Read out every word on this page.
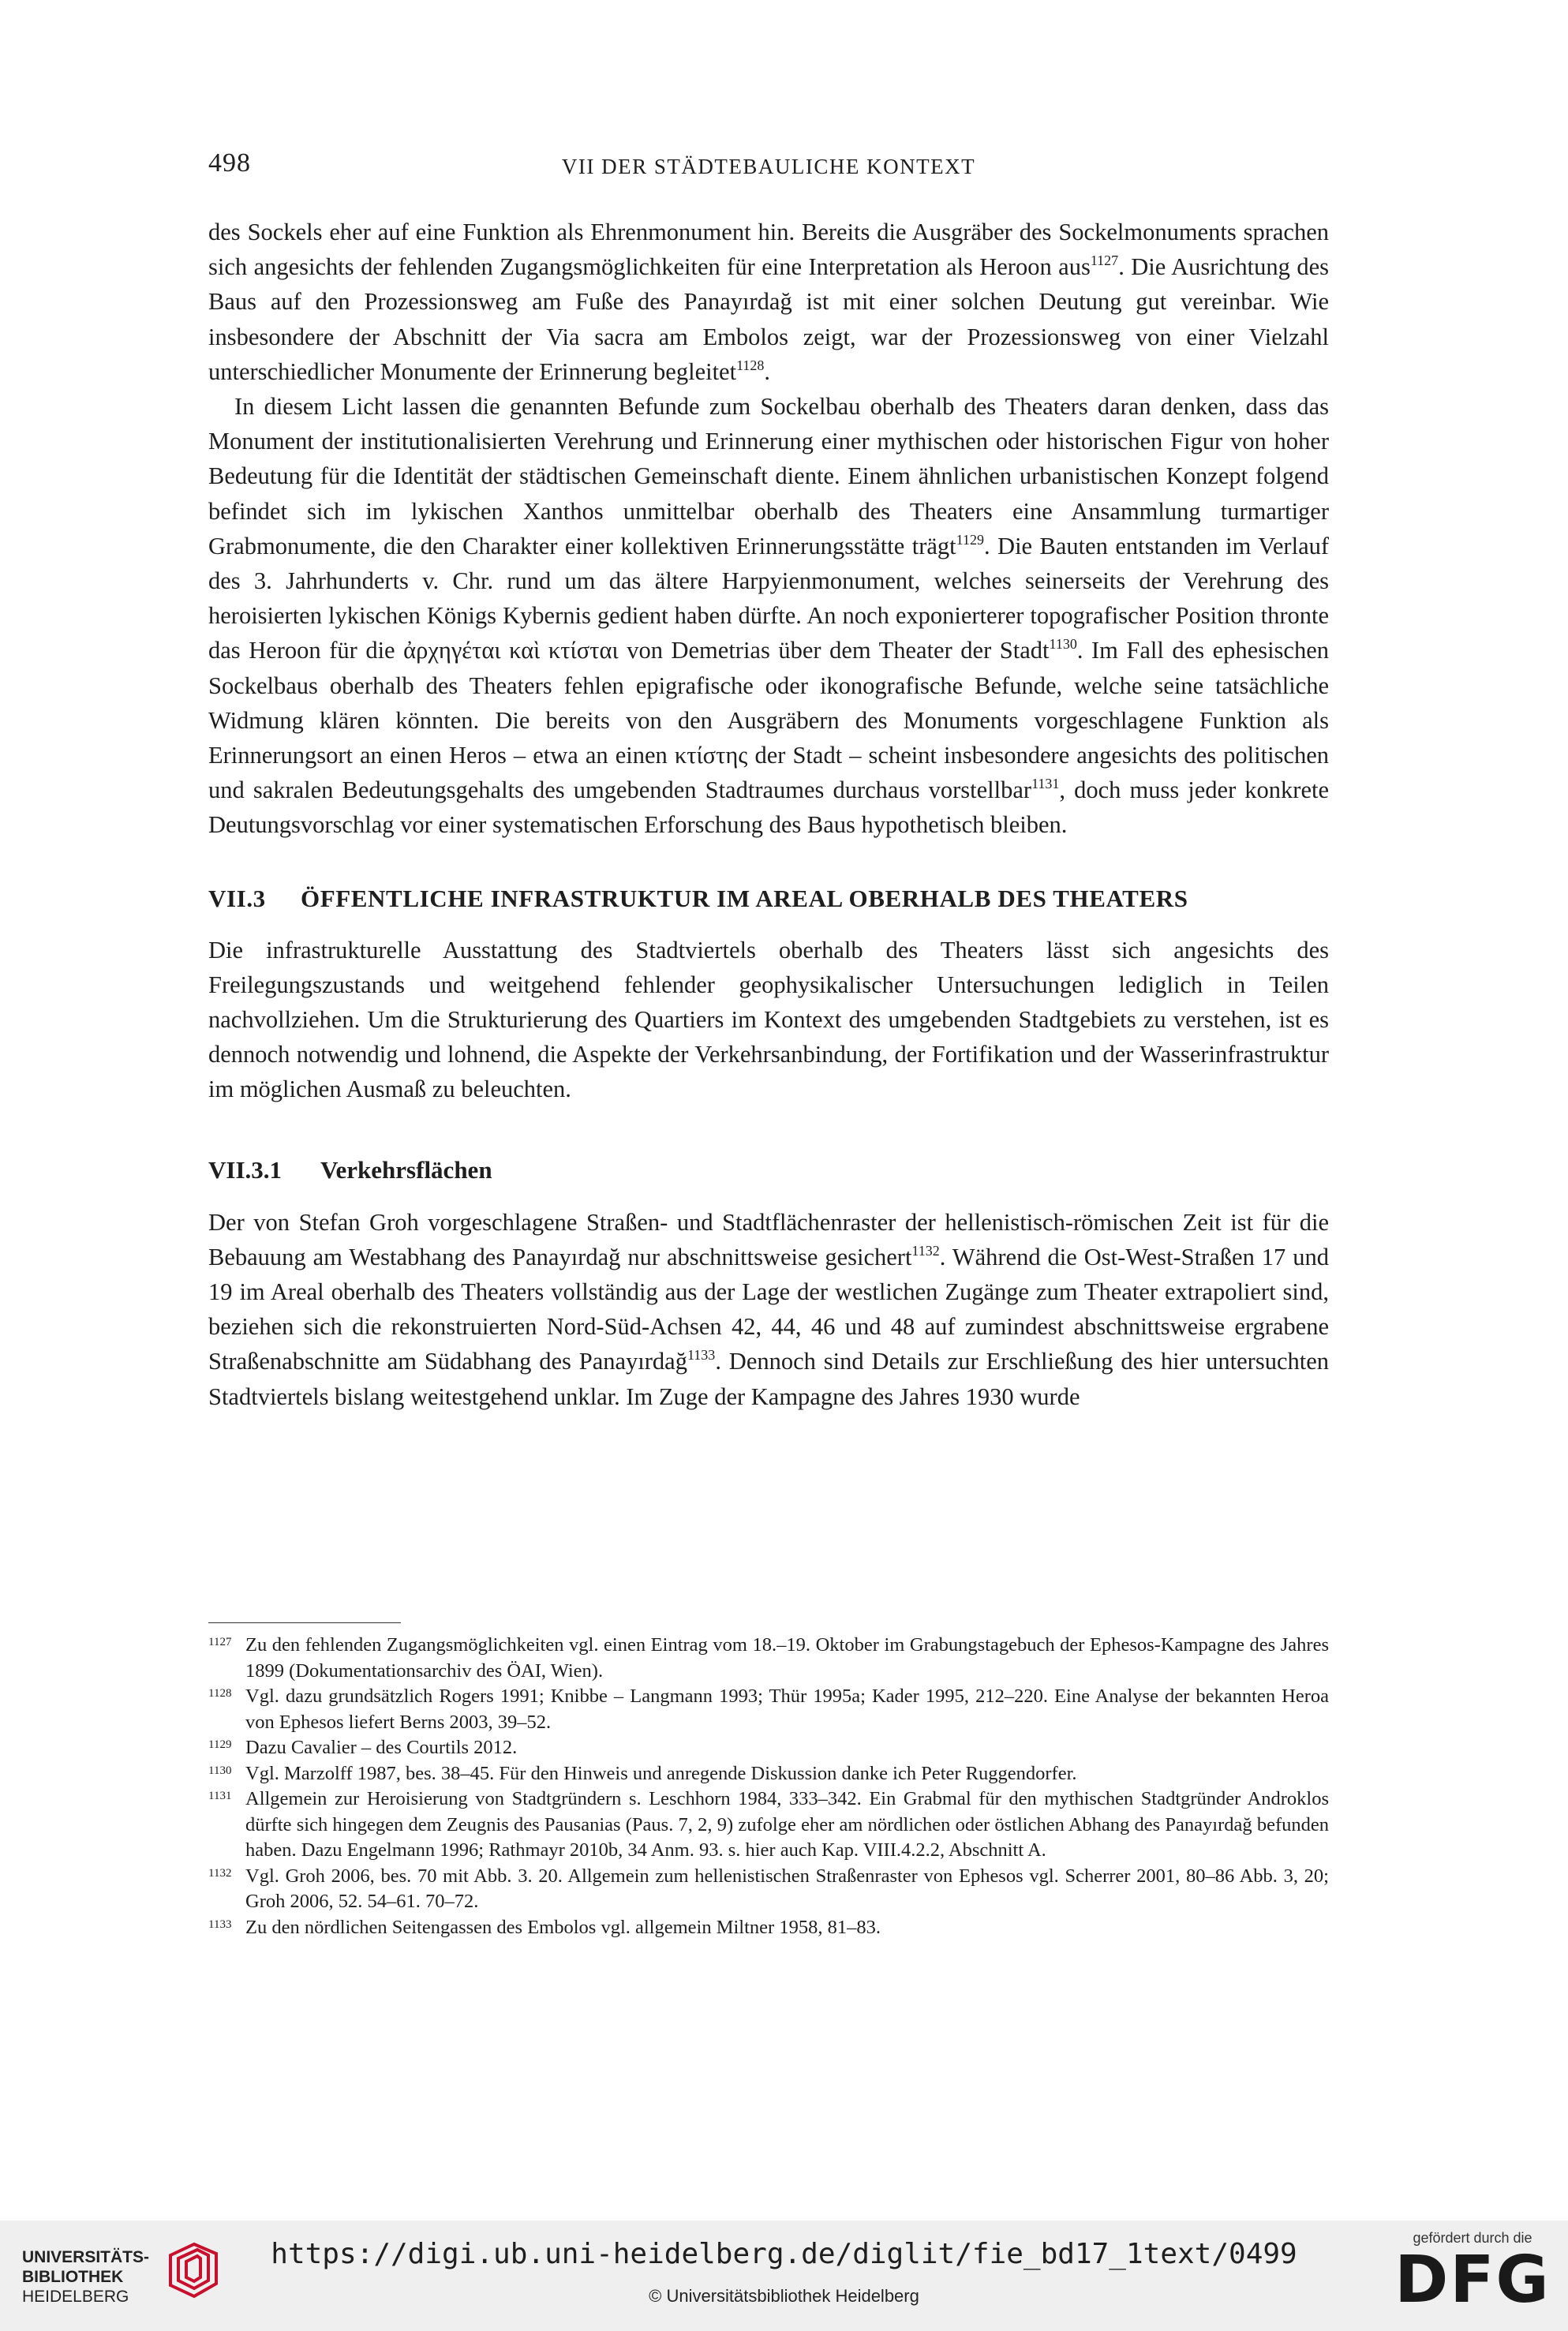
498	VII DER STÄDTEBAULICHE KONTEXT

des Sockels eher auf eine Funktion als Ehrenmonument hin. Bereits die Ausgräber des Sockelmonuments sprachen sich angesichts der fehlenden Zugangsmöglichkeiten für eine Interpretation als Heroon aus$^{1127}$. Die Ausrichtung des Baus auf den Prozessionsweg am Fuße des Panayırdağ ist mit einer solchen Deutung gut vereinbar. Wie insbesondere der Abschnitt der Via sacra am Embolos zeigt, war der Prozessionsweg von einer Vielzahl unterschiedlicher Monumente der Erinnerung begleitet$^{1128}$.

In diesem Licht lassen die genannten Befunde zum Sockelbau oberhalb des Theaters daran denken, dass das Monument der institutionalisierten Verehrung und Erinnerung einer mythischen oder historischen Figur von hoher Bedeutung für die Identität der städtischen Gemeinschaft diente. Einem ähnlichen urbanistischen Konzept folgend befindet sich im lykischen Xanthos unmittelbar oberhalb des Theaters eine Ansammlung turmartiger Grabmonumente, die den Charakter einer kollektiven Erinnerungsstätte trägt$^{1129}$. Die Bauten entstanden im Verlauf des 3. Jahrhunderts v. Chr. rund um das ältere Harpyienmonument, welches seinerseits der Verehrung des heroisierten lykischen Königs Kybernis gedient haben dürfte. An noch exponierterer topografischer Position thronte das Heroon für die ἀρχηγέται καὶ κτίσται von Demetrias über dem Theater der Stadt$^{1130}$. Im Fall des ephesischen Sockelbaus oberhalb des Theaters fehlen epigrafische oder ikonografische Befunde, welche seine tatsächliche Widmung klären könnten. Die bereits von den Ausgräbern des Monuments vorgeschlagene Funktion als Erinnerungsort an einen Heros – etwa an einen κτίστης der Stadt – scheint insbesondere angesichts des politischen und sakralen Bedeutungsgehalts des umgebenden Stadtraumes durchaus vorstellbar$^{1131}$, doch muss jeder konkrete Deutungsvorschlag vor einer systematischen Erforschung des Baus hypothetisch bleiben.

VII.3 ÖFFENTLICHE INFRASTRUKTUR IM AREAL OBERHALB DES THEATERS

Die infrastrukturelle Ausstattung des Stadtviertels oberhalb des Theaters lässt sich angesichts des Freilegungszustands und weitgehend fehlender geophysikalischer Untersuchungen lediglich in Teilen nachvollziehen. Um die Strukturierung des Quartiers im Kontext des umgebenden Stadtgebiets zu verstehen, ist es dennoch notwendig und lohnend, die Aspekte der Verkehrsanbindung, der Fortifikation und der Wasserinfrastruktur im möglichen Ausmaß zu beleuchten.

VII.3.1 Verkehrsflächen

Der von Stefan Groh vorgeschlagene Straßen- und Stadtflächenraster der hellenistisch-römischen Zeit ist für die Bebauung am Westabhang des Panayırdağ nur abschnittsweise gesichert$^{1132}$. Während die Ost-West-Straßen 17 und 19 im Areal oberhalb des Theaters vollständig aus der Lage der westlichen Zugänge zum Theater extrapoliert sind, beziehen sich die rekonstruierten Nord-Süd-Achsen 42, 44, 46 und 48 auf zumindest abschnittsweise ergrabene Straßenabschnitte am Südabhang des Panayırdağ$^{1133}$. Dennoch sind Details zur Erschließung des hier untersuchten Stadtviertels bislang weitestgehend unklar. Im Zuge der Kampagne des Jahres 1930 wurde

1127 Zu den fehlenden Zugangsmöglichkeiten vgl. einen Eintrag vom 18.–19. Oktober im Grabungstagebuch der Ephesos-Kampagne des Jahres 1899 (Dokumentationsarchiv des ÖAI, Wien).
1128 Vgl. dazu grundsätzlich Rogers 1991; Knibbe – Langmann 1993; Thür 1995a; Kader 1995, 212–220. Eine Analyse der bekannten Heroa von Ephesos liefert Berns 2003, 39–52.
1129 Dazu Cavalier – des Courtils 2012.
1130 Vgl. Marzolff 1987, bes. 38–45. Für den Hinweis und anregende Diskussion danke ich Peter Ruggendorfer.
1131 Allgemein zur Heroisierung von Stadtgründern s. Leschhorn 1984, 333–342. Ein Grabmal für den mythischen Stadtgründer Androklos dürfte sich hingegen dem Zeugnis des Pausanias (Paus. 7, 2, 9) zufolge eher am nördlichen oder östlichen Abhang des Panayırdağ befunden haben. Dazu Engelmann 1996; Rathmayr 2010b, 34 Anm. 93. s. hier auch Kap. VIII.4.2.2, Abschnitt A.
1132 Vgl. Groh 2006, bes. 70 mit Abb. 3. 20. Allgemein zum hellenistischen Straßenraster von Ephesos vgl. Scherrer 2001, 80–86 Abb. 3, 20; Groh 2006, 52. 54–61. 70–72.
1133 Zu den nördlichen Seitengassen des Embolos vgl. allgemein Miltner 1958, 81–83.
UNIVERSITÄTS-
BIBLIOTHEK
HEIDELBERG
https://digi.ub.uni-heidelberg.de/diglit/fie_bd17_1text/0499
© Universitätsbibliothek Heidelberg
gefördert durch die
DFG
